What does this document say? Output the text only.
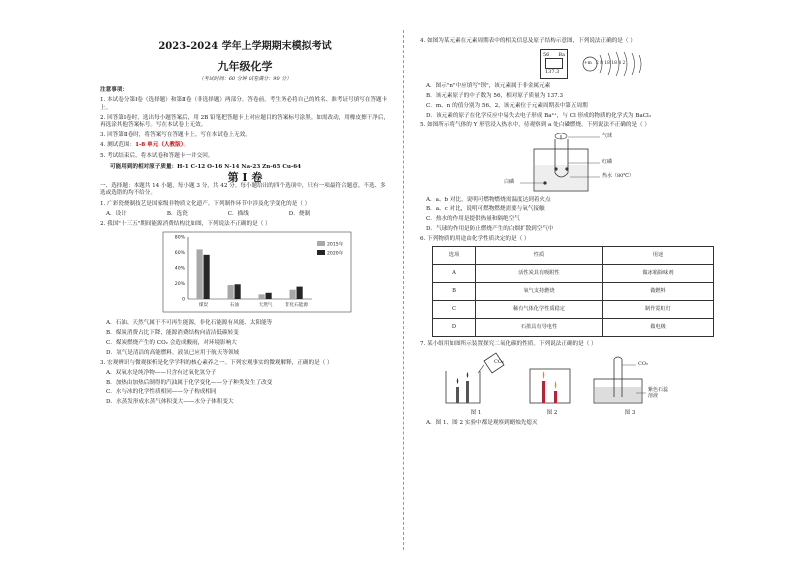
2023-2024 学年上学期期末模拟考试
九年级化学
（考试时间：60 分钟 试卷满分：90 分）
注意事项：
1. 本试卷分第Ⅰ卷（选择题）和第Ⅱ卷（非选择题）两部分。答卷前，考生务必将自己的姓名、准考证号填写在答题卡上。
2. 回答第Ⅰ卷时，选出每小题答案后，用 2B 铅笔把答题卡上对应题目的答案标号涂黑。如需改动，用橡皮擦干净后，再选涂其他答案标号。写在本试卷上无效。
3. 回答第Ⅱ卷时，将答案写在答题卡上。写在本试卷上无效。
4. 测试范围：1-8 单元（人教版）。
5. 考试结束后，将本试卷和答题卡一并交回。
可能用到的相对原子质量：H-1 C-12 O-16 N-14 Na-23 Zn-65 Cu-64
第 Ⅰ 卷
一、选择题：本题共 14 小题，每小题 3 分，共 42 分。每小题给出的四个选项中，只有一项最符合题意。不选、多选或选错的均不给分。
1. 广彩瓷烧制技艺是国家级非物质文化遗产。下列制作环节中涉及化学变化的是（ ）
A．设计	B．选瓷	C．描线	D．烧制
2. 我国"十三五"期间能源消费结构比如图，下列说法不正确的是（ ）
0
20%
40%
60%
80%
煤炭	石油	天然气	非化石能源
2015年
2020年
A．石油、天然气属于不可再生能源，非化石能源有风能、太阳能等
B．煤炭消费占比下降，能源消费结构向清洁低碳转变
C．煤炭燃烧产生的 CO₂ 会造成酸雨，对环境影响大
D．氢气是清洁的高能燃料，液氢已应用于航天等领域
3. 宏观辨识与微观探析是化学学科的核心素养之一。下列宏观事实的微观解释，正确的是（ ）
A．双氧水是纯净物——只含有过氧化氢分子
B．加热由加热后制得的汽油属于化学变化——分子种类发生了改变
C．水与冰的化学性质相同——分子构成相同
D．水蒸发形成水蒸气体积变大——水分子体积变大
4. 如图为某元素在元素周期表中的相关信息及原子结构示意图，下列说法正确的是（ ）
56 Ba
137.3
+m 2 8 18 18 8 2
A．图示"n"中应填写"钡"，该元素属于非金属元素
B．该元素原子的中子数为 56，相对原子质量为 137.3
C．m、n 的值分别为 56、2，该元素位于元素周期表中第五周期
D．该元素的原子在化学反应中易失去电子形成 Ba²⁺，与 Cl 形成的物质的化学式为 BaCl₂
5. 如图所示将气体的 Y 形管浸入热水中，待观察到 a 处白磷燃烧。下列说法不正确的是（ ）
气球
红磷
热水（80℃）
白磷
A．a、b 对比，说明可燃物燃烧需温度达到着火点
B．a、c 对比，说明可燃物燃烧需要与氧气接触
C．热水的作用是提供热量和隔绝空气
D．气球的作用是防止燃烧产生的白烟扩散到空气中
6. 下列物质的用途由化学性质决定的是（ ）
选项	性质	用途
A	活性炭具有吸附性	做冰箱除味剂
B	氧气支持燃烧	做燃料
C	稀有气体化学性质稳定	制作霓虹灯
D	石墨具有导电性	做电极
7. 某小组用如图所示装置探究二氧化碳的性质。下列说法正确的是（ ）
CO₂
图 1	图 2
CO₂
紫色石蕊溶液
图 3
A．图 1、图 2 实验中都是观察到蜡烛先熄灭
